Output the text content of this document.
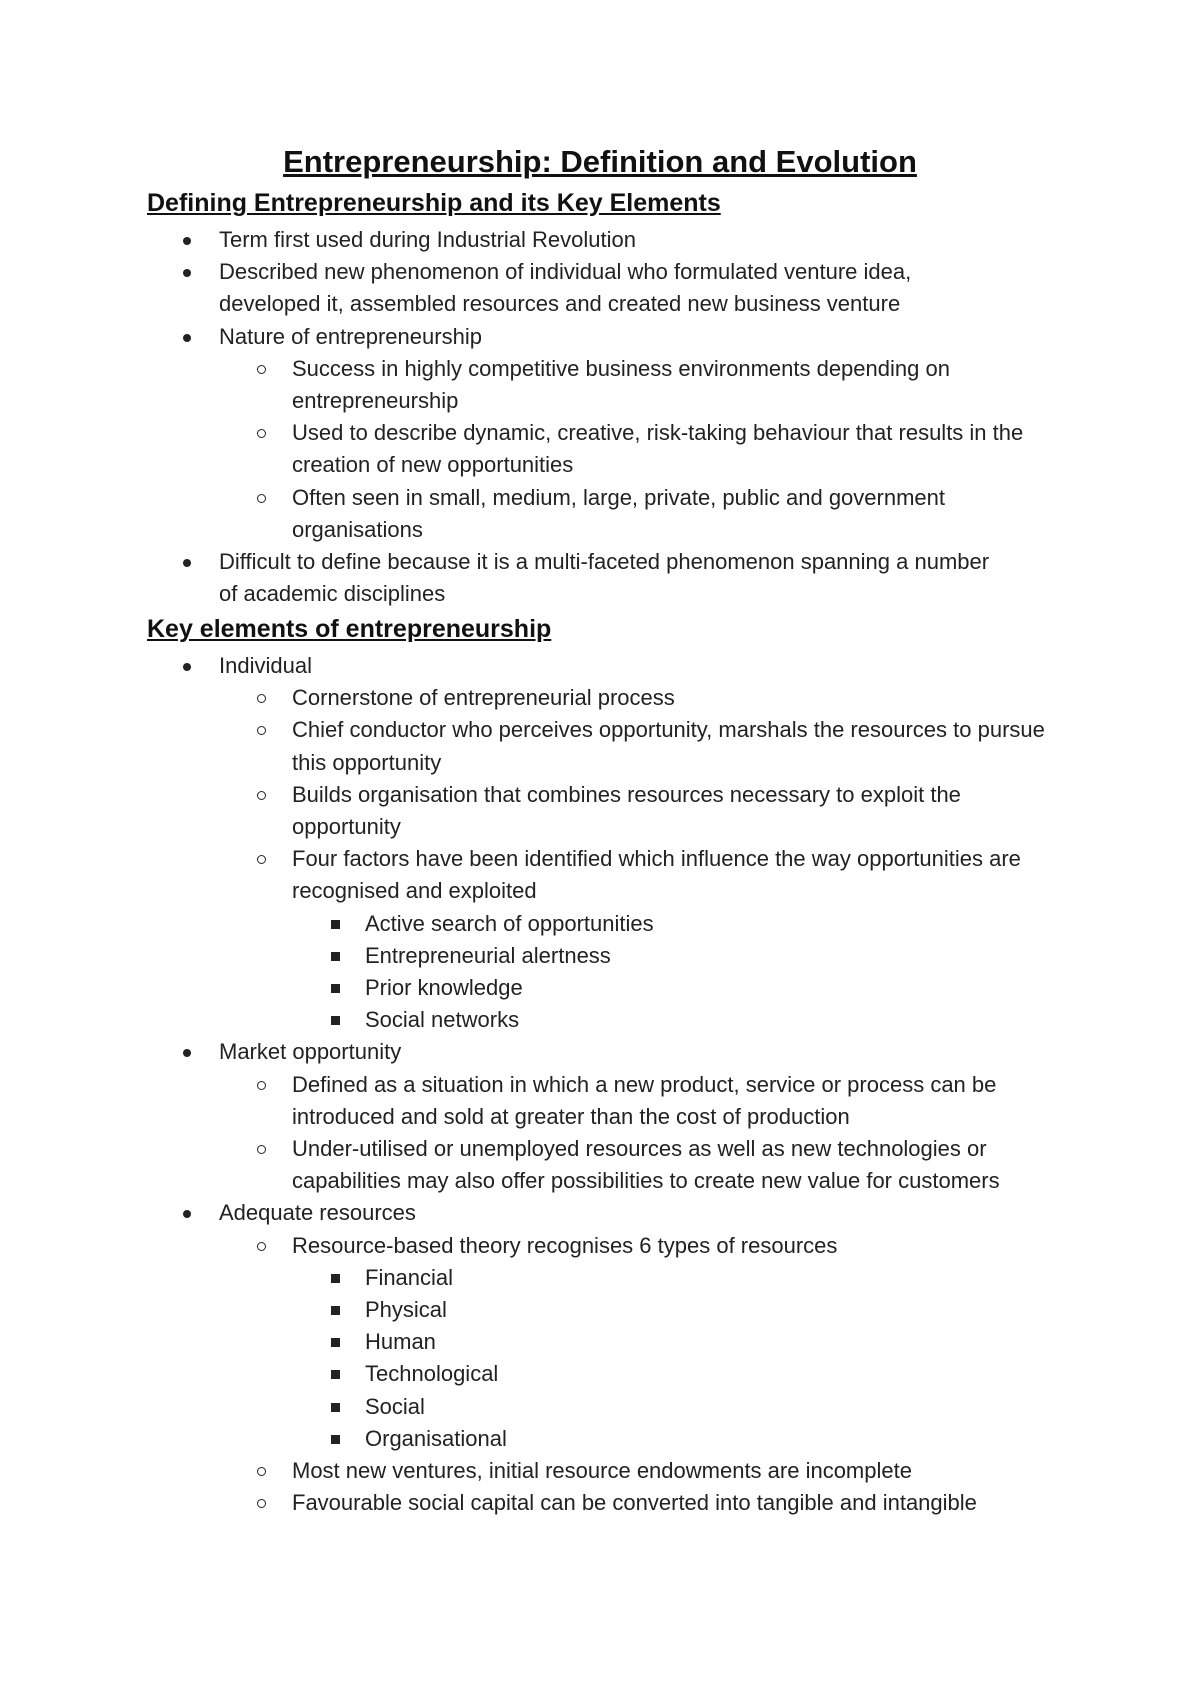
Entrepreneurship: Definition and Evolution
Defining Entrepreneurship and its Key Elements
Term first used during Industrial Revolution
Described new phenomenon of individual who formulated venture idea, developed it, assembled resources and created new business venture
Nature of entrepreneurship
Success in highly competitive business environments depending on entrepreneurship
Used to describe dynamic, creative, risk-taking behaviour that results in the creation of new opportunities
Often seen in small, medium, large, private, public and government organisations
Difficult to define because it is a multi-faceted phenomenon spanning a number of academic disciplines
Key elements of entrepreneurship
Individual
Cornerstone of entrepreneurial process
Chief conductor who perceives opportunity, marshals the resources to pursue this opportunity
Builds organisation that combines resources necessary to exploit the opportunity
Four factors have been identified which influence the way opportunities are recognised and exploited
Active search of opportunities
Entrepreneurial alertness
Prior knowledge
Social networks
Market opportunity
Defined as a situation in which a new product, service or process can be introduced and sold at greater than the cost of production
Under-utilised or unemployed resources as well as new technologies or capabilities may also offer possibilities to create new value for customers
Adequate resources
Resource-based theory recognises 6 types of resources
Financial
Physical
Human
Technological
Social
Organisational
Most new ventures, initial resource endowments are incomplete
Favourable social capital can be converted into tangible and intangible
